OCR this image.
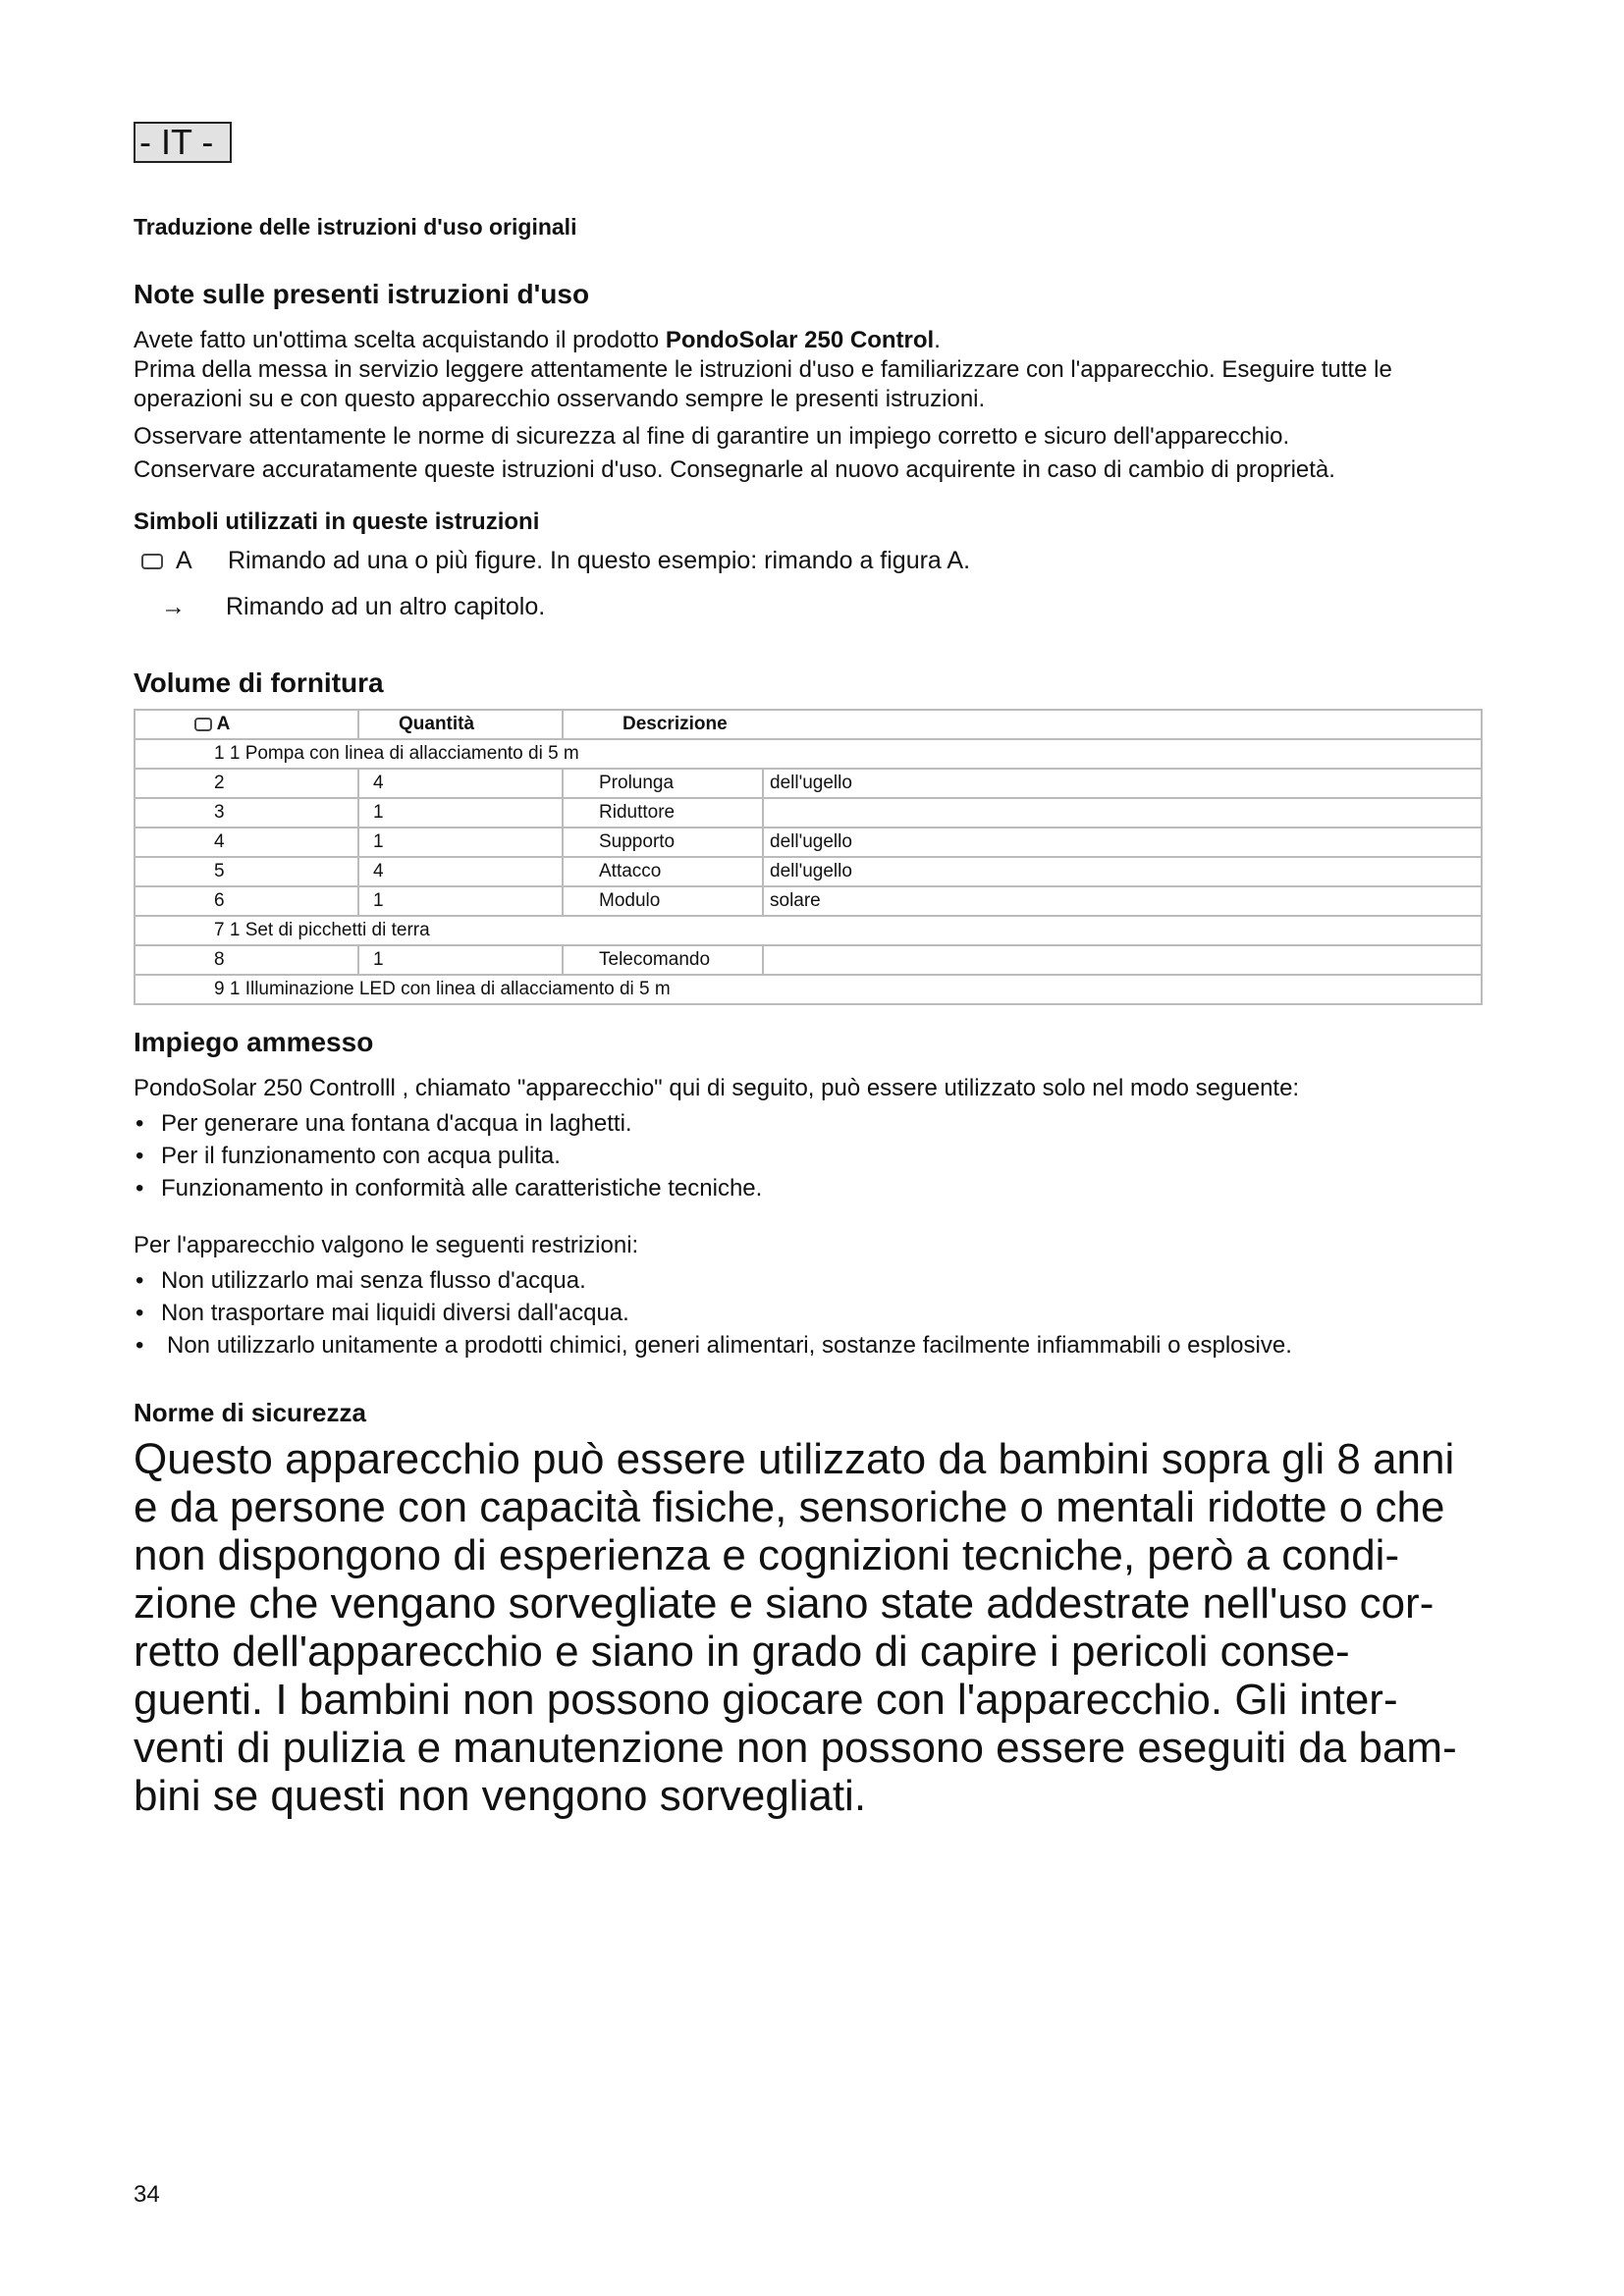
- IT -
Traduzione delle istruzioni d'uso originali
Note sulle presenti istruzioni d'uso
Avete fatto un'ottima scelta acquistando il prodotto PondoSolar 250 Control.
Prima della messa in servizio leggere attentamente le istruzioni d'uso e familiarizzare con l'apparecchio. Eseguire tutte le operazioni su e con questo apparecchio osservando sempre le presenti istruzioni.
Osservare attentamente le norme di sicurezza al fine di garantire un impiego corretto e sicuro dell'apparecchio.
Conservare accuratamente queste istruzioni d'uso. Consegnarle al nuovo acquirente in caso di cambio di proprietà.
Simboli utilizzati in queste istruzioni
A Rimando ad una o più figure. In questo esempio: rimando a figura A.
→ Rimando ad un altro capitolo.
Volume di fornitura
A	Quantità	Descrizione	
1 1 Pompa con linea di allacciamento di 5 m			
2	4	Prolunga	dell'ugello
3	1	Riduttore	
4	1	Supporto	dell'ugello
5	4	Attacco	dell'ugello
6	1	Modulo	solare
7 1 Set di picchetti di terra			
8	1	Telecomando	
9 1 Illuminazione LED con linea di allacciamento di 5 m			
Impiego ammesso
PondoSolar 250 Controlll , chiamato "apparecchio" qui di seguito, può essere utilizzato solo nel modo seguente:
• Per generare una fontana d'acqua in laghetti.
• Per il funzionamento con acqua pulita.
• Funzionamento in conformità alle caratteristiche tecniche.
Per l'apparecchio valgono le seguenti restrizioni:
• Non utilizzarlo mai senza flusso d'acqua.
• Non trasportare mai liquidi diversi dall'acqua.
• Non utilizzarlo unitamente a prodotti chimici, generi alimentari, sostanze facilmente infiammabili o esplosive.
Norme di sicurezza
Questo apparecchio può essere utilizzato da bambini sopra gli 8 anni
e da persone con capacità fisiche, sensoriche o mentali ridotte o che
non dispongono di esperienza e cognizioni tecniche, però a condi-
zione che vengano sorvegliate e siano state addestrate nell'uso cor-
retto dell'apparecchio e siano in grado di capire i pericoli conse-
guenti. I bambini non possono giocare con l'apparecchio. Gli inter-
venti di pulizia e manutenzione non possono essere eseguiti da bam-
bini se questi non vengono sorvegliati.
34
